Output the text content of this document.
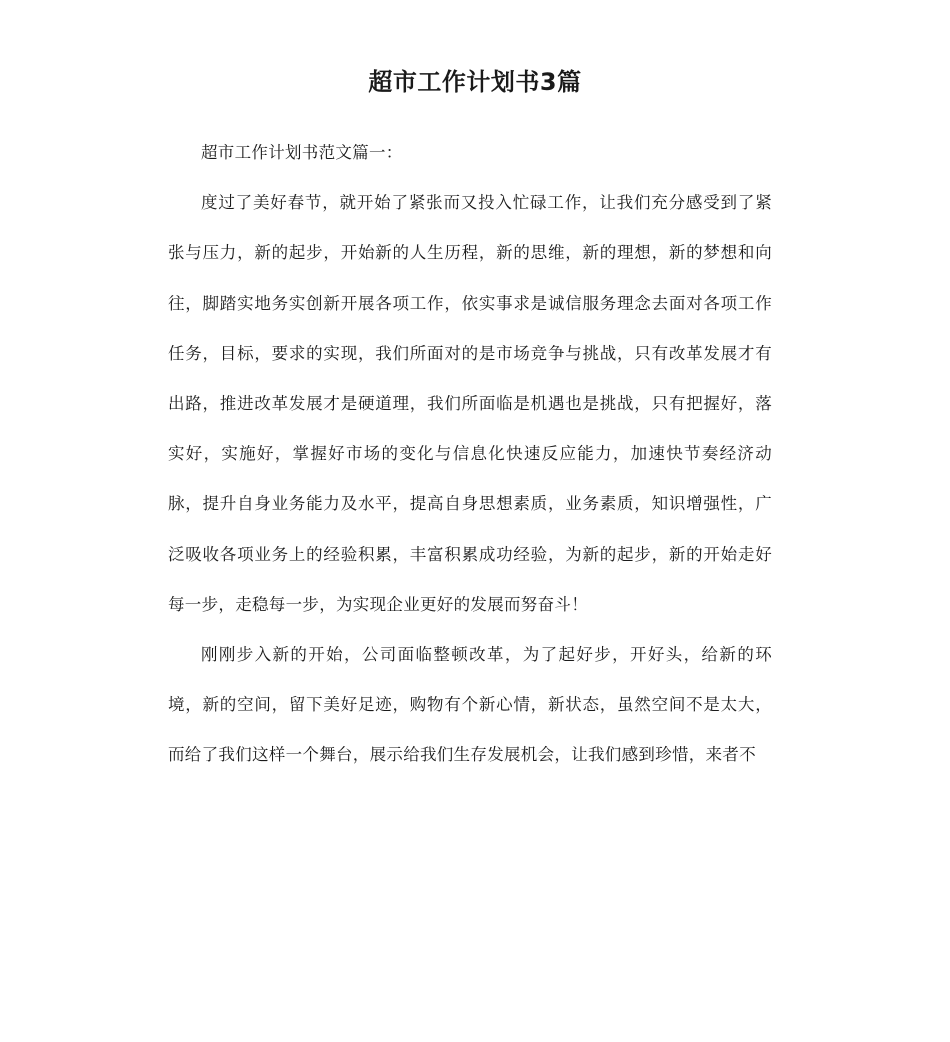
超市工作计划书3篇

超市工作计划书范文篇一：

度过了美好春节，就开始了紧张而又投入忙碌工作，让我们充分感受到了紧张与压力，新的起步，开始新的人生历程，新的思维，新的理想，新的梦想和向往，脚踏实地务实创新开展各项工作，依实事求是诚信服务理念去面对各项工作任务，目标，要求的实现，我们所面对的是市场竞争与挑战，只有改革发展才有出路，推进改革发展才是硬道理，我们所面临是机遇也是挑战，只有把握好，落实好，实施好，掌握好市场的变化与信息化快速反应能力，加速快节奏经济动脉，提升自身业务能力及水平，提高自身思想素质，业务素质，知识增强性，广泛吸收各项业务上的经验积累，丰富积累成功经验，为新的起步，新的开始走好每一步，走稳每一步，为实现企业更好的发展而努奋斗！

刚刚步入新的开始，公司面临整顿改革，为了起好步，开好头，给新的环境，新的空间，留下美好足迹，购物有个新心情，新状态，虽然空间不是太大，而给了我们这样一个舞台，展示给我们生存发展机会，让我们感到珍惜，来者不
